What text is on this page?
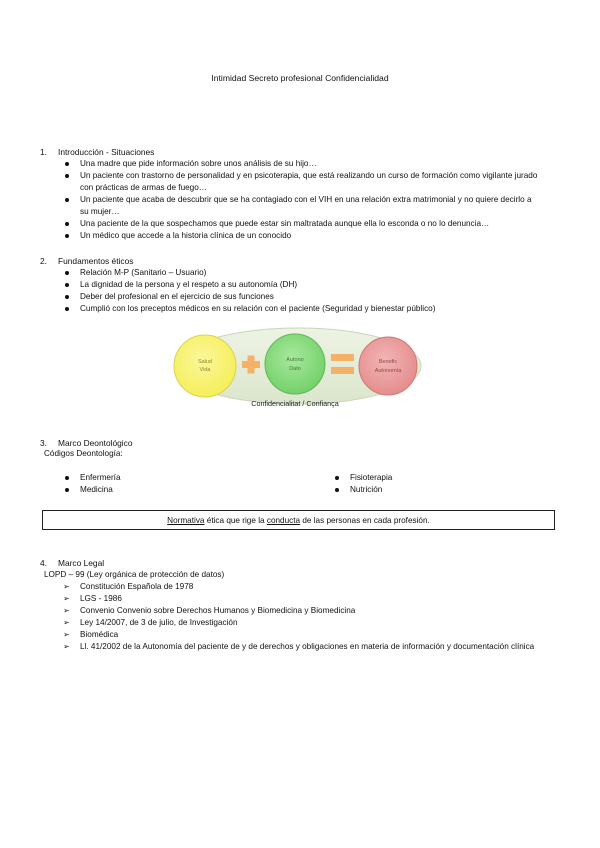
Intimidad Secreto profesional Confidencialidad
1. Introducción - Situaciones
Una madre que pide información sobre unos análisis de su hijo…
Un paciente con trastorno de personalidad y en psicoterapia, que está realizando un curso de formación como vigilante jurado con prácticas de armas de fuego…
Un paciente que acaba de descubrir que se ha contagiado con el VIH en una relación extra matrimonial y no quiere decirlo a su mujer…
Una paciente de la que sospechamos que puede estar sin maltratada aunque ella lo esconda o no lo denuncia…
Un médico que accede a la historia clínica de un conocido
2. Fundamentos éticos
Relación M-P (Sanitario – Usuario)
La dignidad de la persona y el respeto a su autonomía (DH)
Deber del profesional en el ejercicio de sus funciones
Cumplió con los preceptos médicos en su relación con el paciente (Seguridad y bienestar público)
Salud
Vida
Autono
Dato
Benefic
Autonomía
Confidencialitat / Confiança
3. Marco Deontológico
Códigos Deontología:
Enfermería
Medicina
Fisioterapia
Nutrición
Normativa ética que rige la conducta de las personas en cada profesión.
4. Marco Legal
LOPD – 99 (Ley orgánica de protección de datos)
➢ Constitución Española de 1978
➢ LGS - 1986
➢ Convenio Convenio sobre Derechos Humanos y Biomedicina y Biomedicina
➢ Ley 14/2007, de 3 de julio, de Investigación
➢ Biomédica
➢ Ll. 41/2002 de la Autonomía del paciente de y de derechos y obligaciones en materia de información y documentación clínica
